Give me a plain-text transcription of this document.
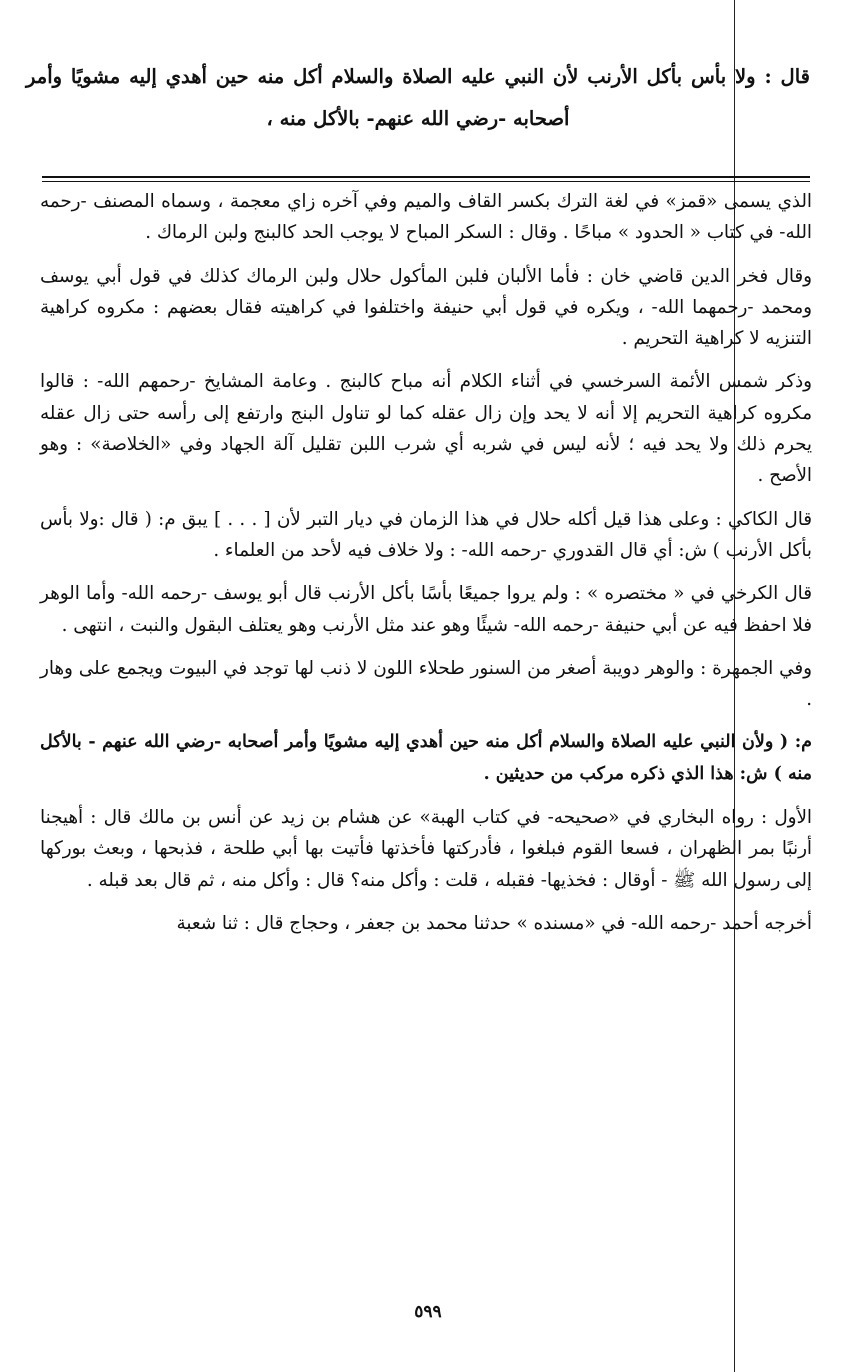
قال : ولا بأس بأكل الأرنب لأن النبي عليه الصلاة والسلام أكل منه حين أهدي إليه مشويًا وأمر أصحابه -رضي الله عنهم- بالأكل منه ،

الذي يسمى «قمز» في لغة الترك بكسر القاف والميم وفي آخره زاي معجمة ، وسماه المصنف -رحمه الله- في كتاب « الحدود » مباحًا . وقال : السكر المباح لا يوجب الحد كالبنج ولبن الرماك .

وقال فخر الدين قاضي خان : فأما الألبان فلبن المأكول حلال ولبن الرماك كذلك في قول أبي يوسف ومحمد -رحمهما الله- ، ويكره في قول أبي حنيفة واختلفوا في كراهيته فقال بعضهم : مكروه كراهية التنزيه لا كراهية التحريم .

وذكر شمس الأئمة السرخسي في أثناء الكلام أنه مباح كالبنج . وعامة المشايخ -رحمهم الله- : قالوا مكروه كراهية التحريم إلا أنه لا يحد وإن زال عقله كما لو تناول البنج وارتفع إلى رأسه حتى زال عقله يحرم ذلك ولا يحد فيه ؛ لأنه ليس في شربه أي شرب اللبن تقليل آلة الجهاد وفي «الخلاصة» : وهو الأصح .

قال الكاكي : وعلى هذا قيل أكله حلال في هذا الزمان في ديار التبر لأن [ . . . ] يبق م: ( قال :ولا بأس بأكل الأرنب ) ش: أي قال القدوري -رحمه الله- : ولا خلاف فيه لأحد من العلماء .

قال الكرخي في « مختصره » : ولم يروا جميعًا بأسًا بأكل الأرنب قال أبو يوسف -رحمه الله- وأما الوهر فلا احفظ فيه عن أبي حنيفة -رحمه الله- شيئًا وهو عند مثل الأرنب وهو يعتلف البقول والنبت ، انتهى .

وفي الجمهرة : والوهر دويبة أصغر من السنور طحلاء اللون لا ذنب لها توجد في البيوت ويجمع على وهار .

م: ( ولأن النبي عليه الصلاة والسلام أكل منه حين أهدي إليه مشويًا وأمر أصحابه -رضي الله عنهم - بالأكل منه ) ش: هذا الذي ذكره مركب من حديثين .

الأول : رواه البخاري في «صحيحه- في كتاب الهبة» عن هشام بن زيد عن أنس بن مالك قال : أهيجنا أرنبًا بمر الظهران ، فسعا القوم فبلغوا ، فأدركتها فأخذتها فأتيت بها أبي طلحة ، فذبحها ، وبعث بوركها إلى رسول الله ﷺ - أوقال : فخذيها- فقبله ، قلت : وأكل منه؟ قال : وأكل منه ، ثم قال بعد قبله .

أخرجه أحمد -رحمه الله- في «مسنده » حدثنا محمد بن جعفر ، وحجاج قال : ثنا شعبة

٥٩٩
